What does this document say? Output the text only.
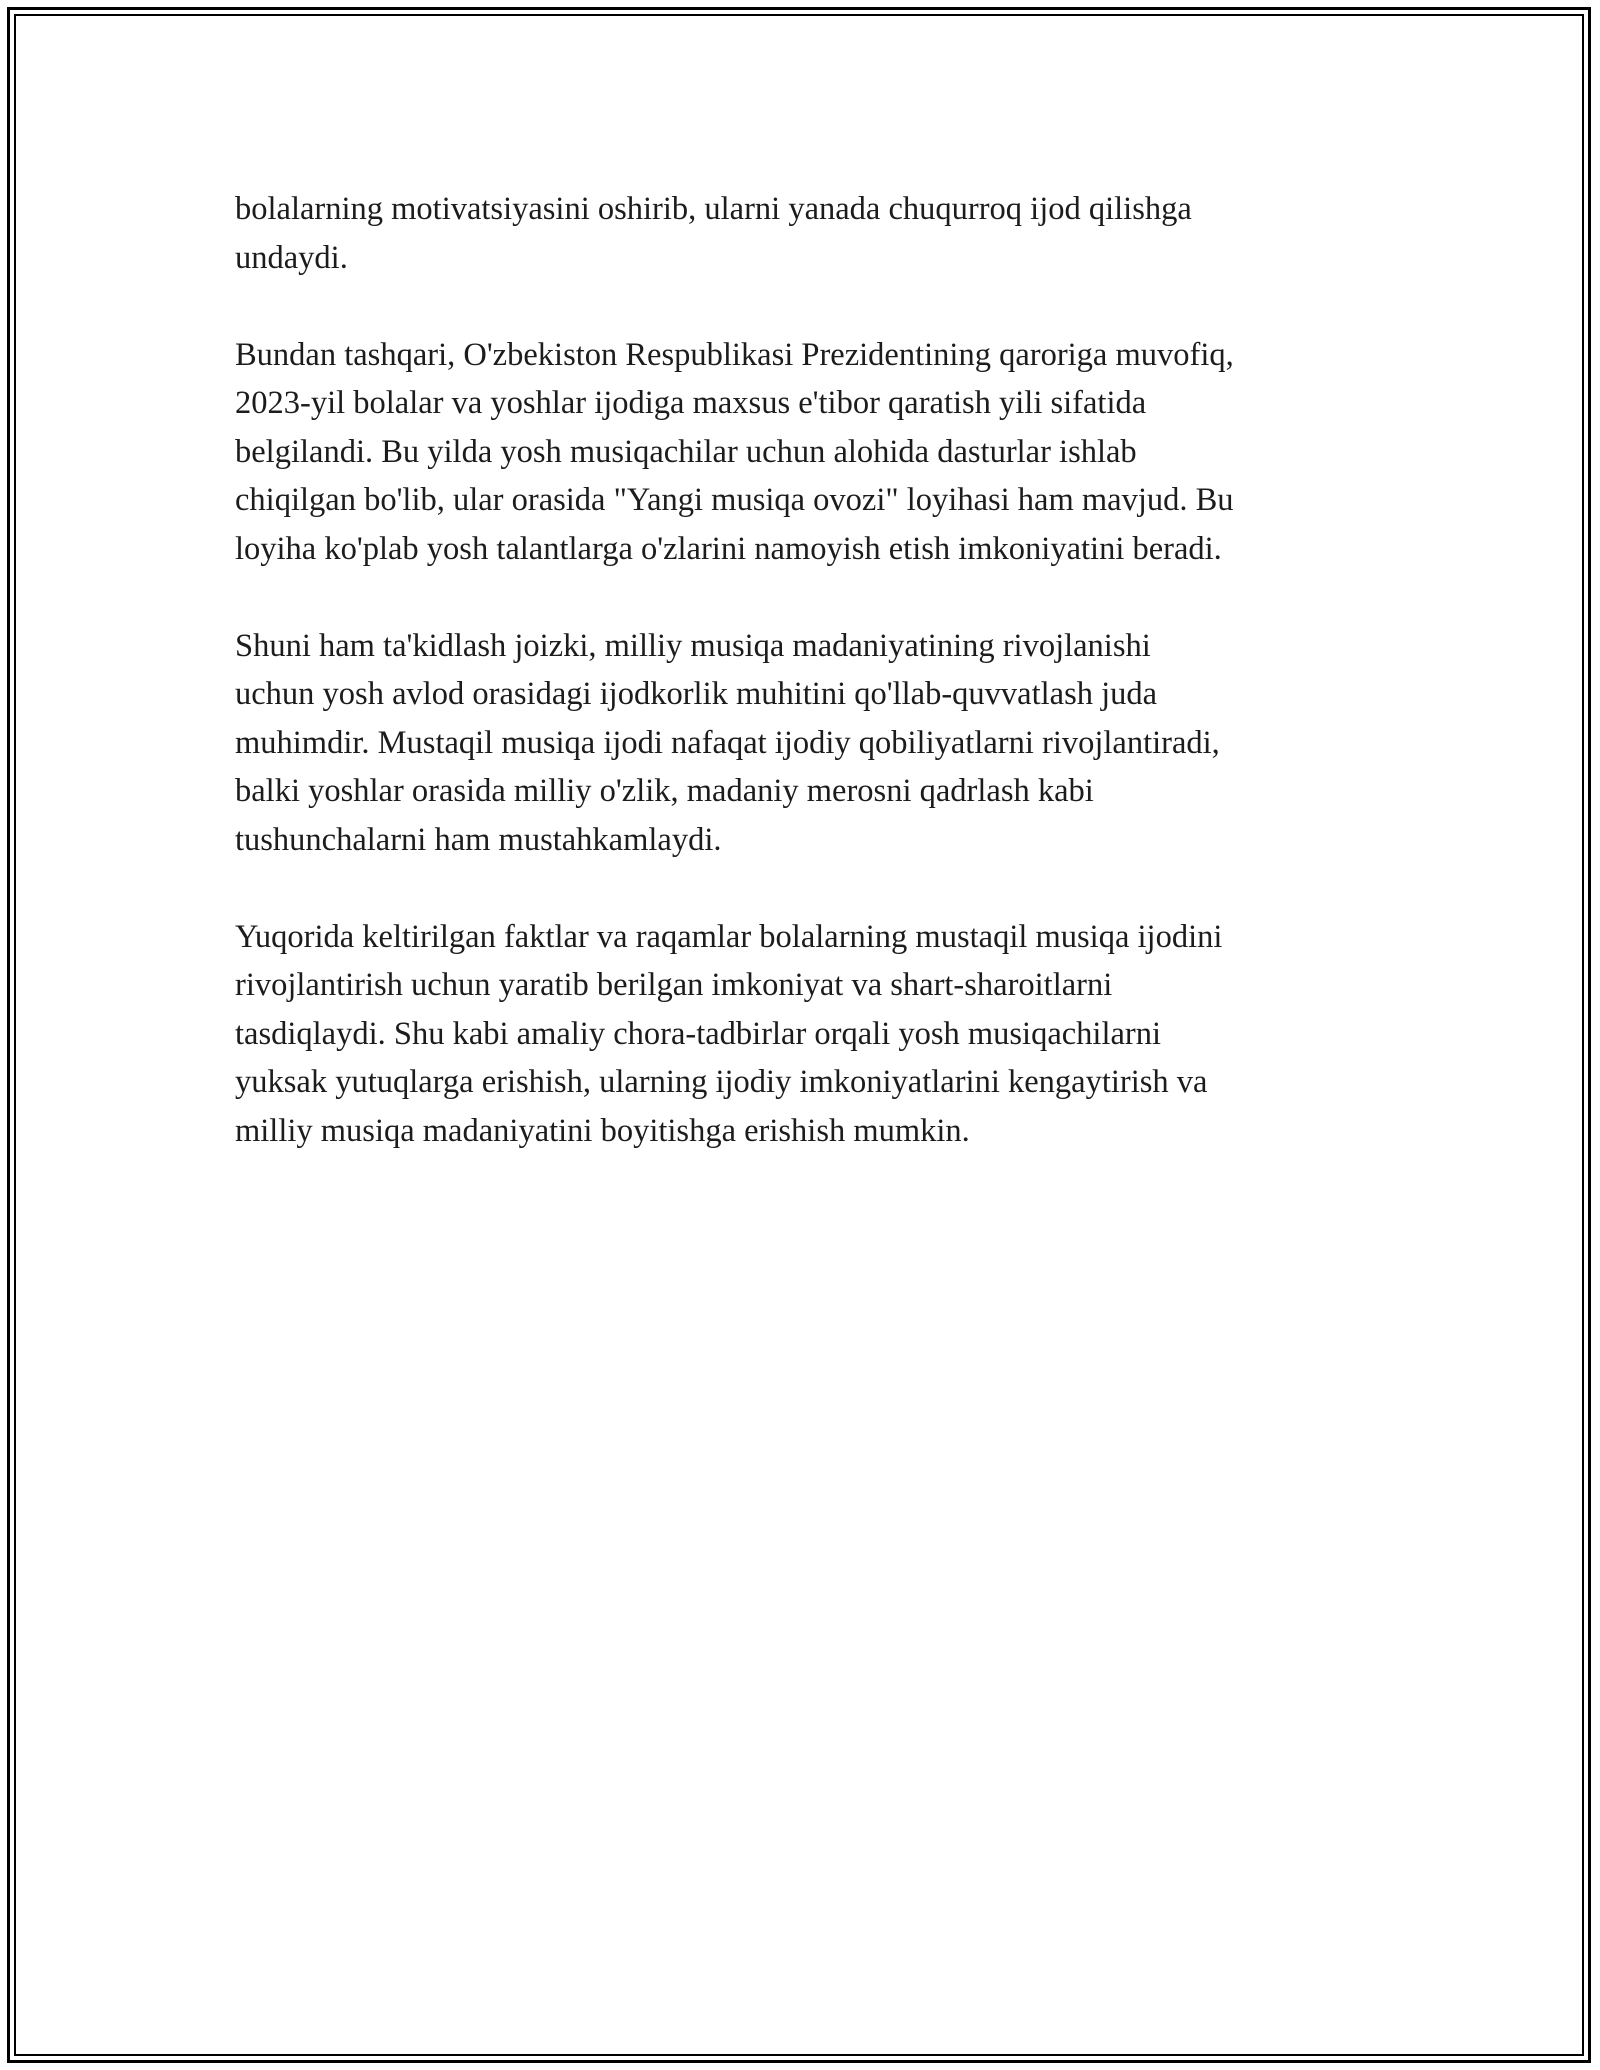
bolalarning motivatsiyasini oshirib, ularni yanada chuqurroq ijod qilishga
undaydi.

Bundan tashqari, O'zbekiston Respublikasi Prezidentining qaroriga muvofiq,
2023-yil bolalar va yoshlar ijodiga maxsus e'tibor qaratish yili sifatida
belgilandi. Bu yilda yosh musiqachilar uchun alohida dasturlar ishlab
chiqilgan bo'lib, ular orasida "Yangi musiqa ovozi" loyihasi ham mavjud. Bu
loyiha ko'plab yosh talantlarga o'zlarini namoyish etish imkoniyatini beradi.

Shuni ham ta'kidlash joizki, milliy musiqa madaniyatining rivojlanishi
uchun yosh avlod orasidagi ijodkorlik muhitini qo'llab-quvvatlash juda
muhimdir. Mustaqil musiqa ijodi nafaqat ijodiy qobiliyatlarni rivojlantiradi,
balki yoshlar orasida milliy o'zlik, madaniy merosni qadrlash kabi
tushunchalarni ham mustahkamlaydi.

Yuqorida keltirilgan faktlar va raqamlar bolalarning mustaqil musiqa ijodini
rivojlantirish uchun yaratib berilgan imkoniyat va shart-sharoitlarni
tasdiqlaydi. Shu kabi amaliy chora-tadbirlar orqali yosh musiqachilarni
yuksak yutuqlarga erishish, ularning ijodiy imkoniyatlarini kengaytirish va
milliy musiqa madaniyatini boyitishga erishish mumkin.
